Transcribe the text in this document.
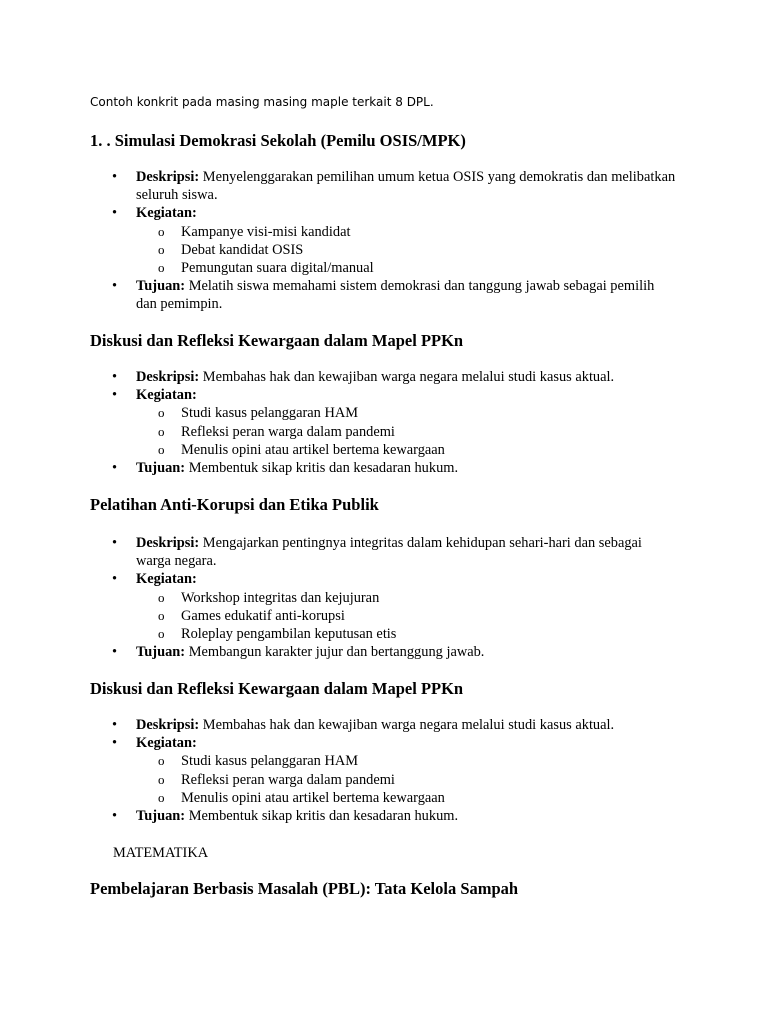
Contoh konkrit pada masing masing maple terkait 8 DPL.
1. . Simulasi Demokrasi Sekolah (Pemilu OSIS/MPK)
• Deskripsi: Menyelenggarakan pemilihan umum ketua OSIS yang demokratis dan melibatkan seluruh siswa.
• Kegiatan:
o Kampanye visi-misi kandidat
o Debat kandidat OSIS
o Pemungutan suara digital/manual
• Tujuan: Melatih siswa memahami sistem demokrasi dan tanggung jawab sebagai pemilih dan pemimpin.
Diskusi dan Refleksi Kewargaan dalam Mapel PPKn
• Deskripsi: Membahas hak dan kewajiban warga negara melalui studi kasus aktual.
• Kegiatan:
o Studi kasus pelanggaran HAM
o Refleksi peran warga dalam pandemi
o Menulis opini atau artikel bertema kewargaan
• Tujuan: Membentuk sikap kritis dan kesadaran hukum.
Pelatihan Anti-Korupsi dan Etika Publik
• Deskripsi: Mengajarkan pentingnya integritas dalam kehidupan sehari-hari dan sebagai warga negara.
• Kegiatan:
o Workshop integritas dan kejujuran
o Games edukatif anti-korupsi
o Roleplay pengambilan keputusan etis
• Tujuan: Membangun karakter jujur dan bertanggung jawab.
Diskusi dan Refleksi Kewargaan dalam Mapel PPKn
• Deskripsi: Membahas hak dan kewajiban warga negara melalui studi kasus aktual.
• Kegiatan:
o Studi kasus pelanggaran HAM
o Refleksi peran warga dalam pandemi
o Menulis opini atau artikel bertema kewargaan
• Tujuan: Membentuk sikap kritis dan kesadaran hukum.
MATEMATIKA
Pembelajaran Berbasis Masalah (PBL): Tata Kelola Sampah
